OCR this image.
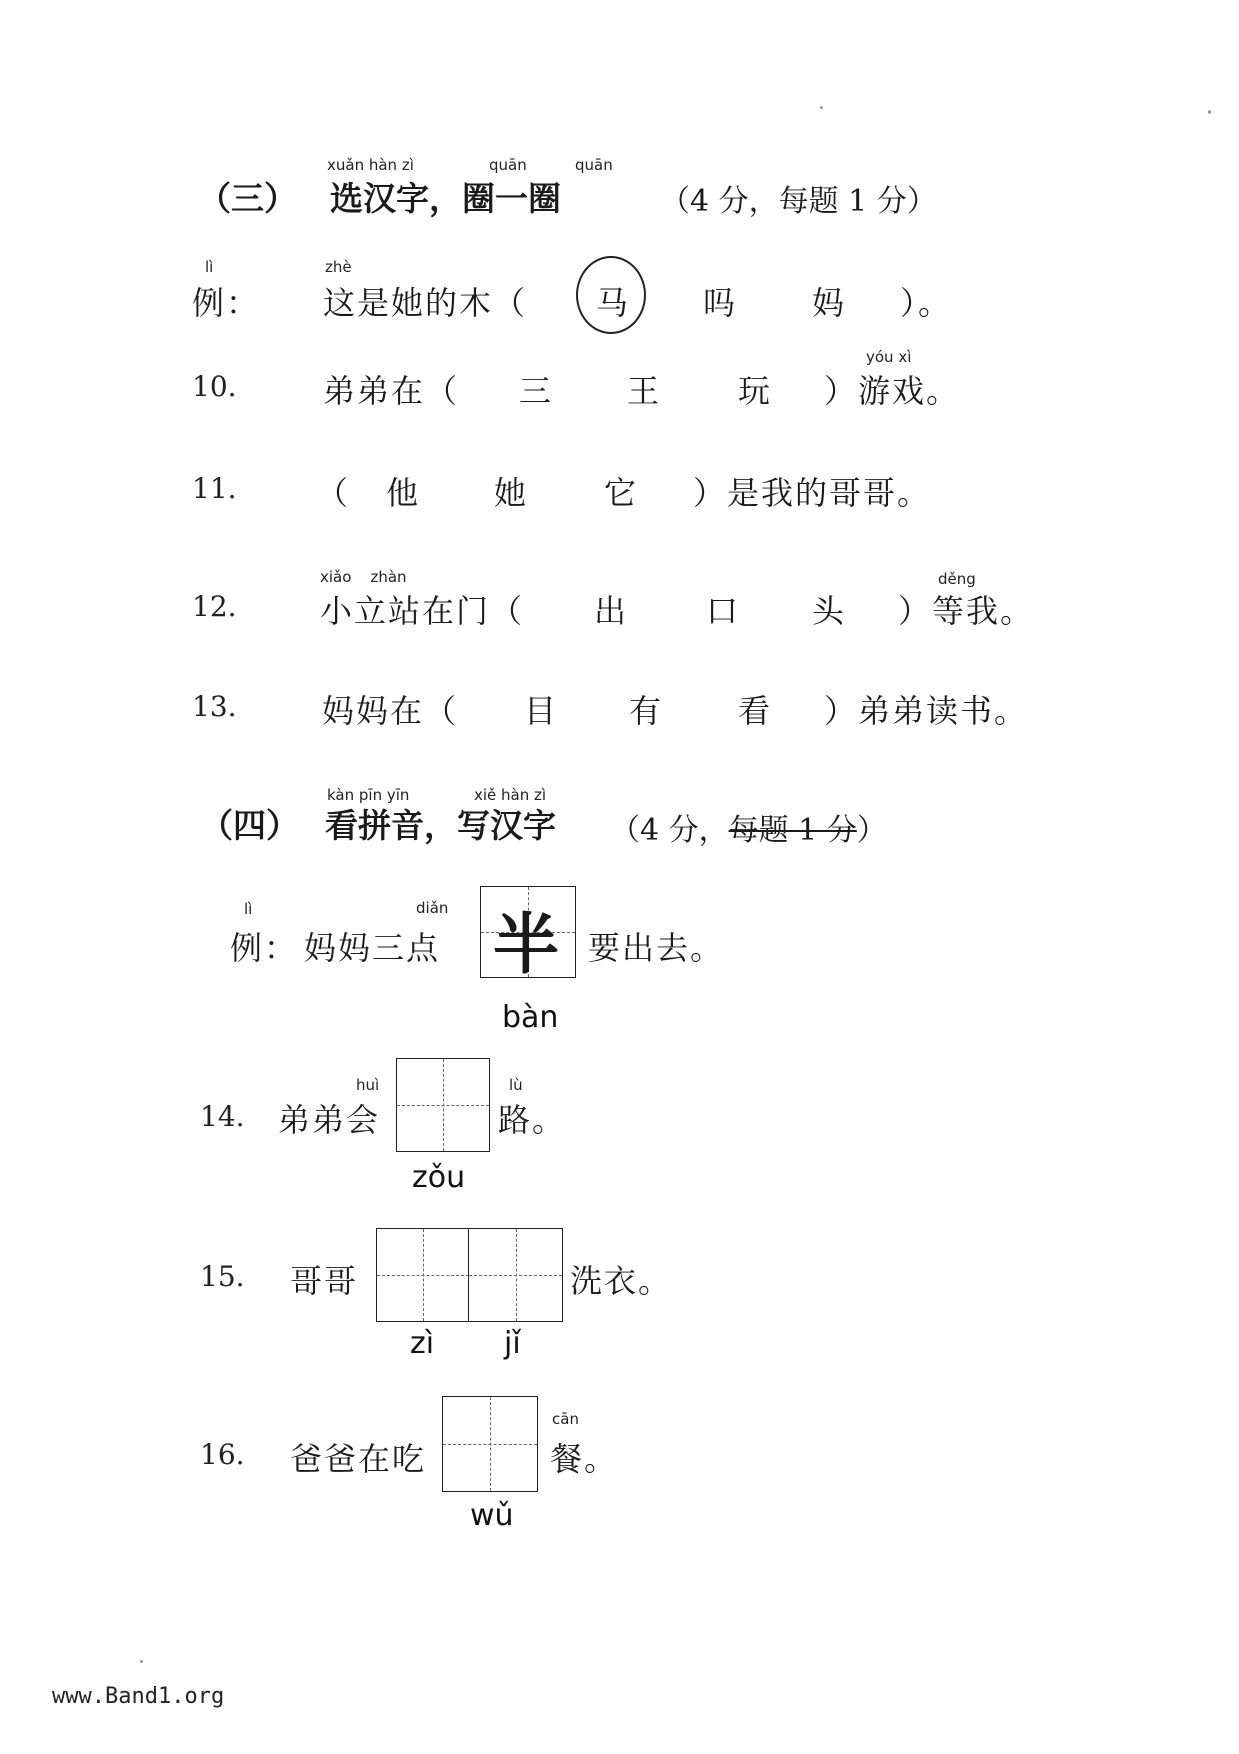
（三）
xuǎn hàn zì	quān	quān
选汉字，圈一圈	（4 分，每题 1 分）
lì
例：
zhè
这是她的木（ 马 吗 妈 ）。
10.	弟弟在（ 三 王 玩
yóu xì
）游戏。
11. （ 他 她 它 ）是我的哥哥。
12.
xiǎo    zhàn
小立站在门（ 出 口 头
děng
）等我。
13.	妈妈在（ 目 有 看 ）弟弟读书。
（四）
kàn pīn yīn	xiě hàn zì
看拼音，写汉字 （4 分，每题 1 分）
lì
例：
diǎn
妈妈三点 半 要出去。
bàn
14.
huì
弟弟会
lù
路。
zǒu
15. 哥哥	洗衣。
zì jǐ
16. 爸爸在吃
cān
餐。
wǔ
www.Band1.org
